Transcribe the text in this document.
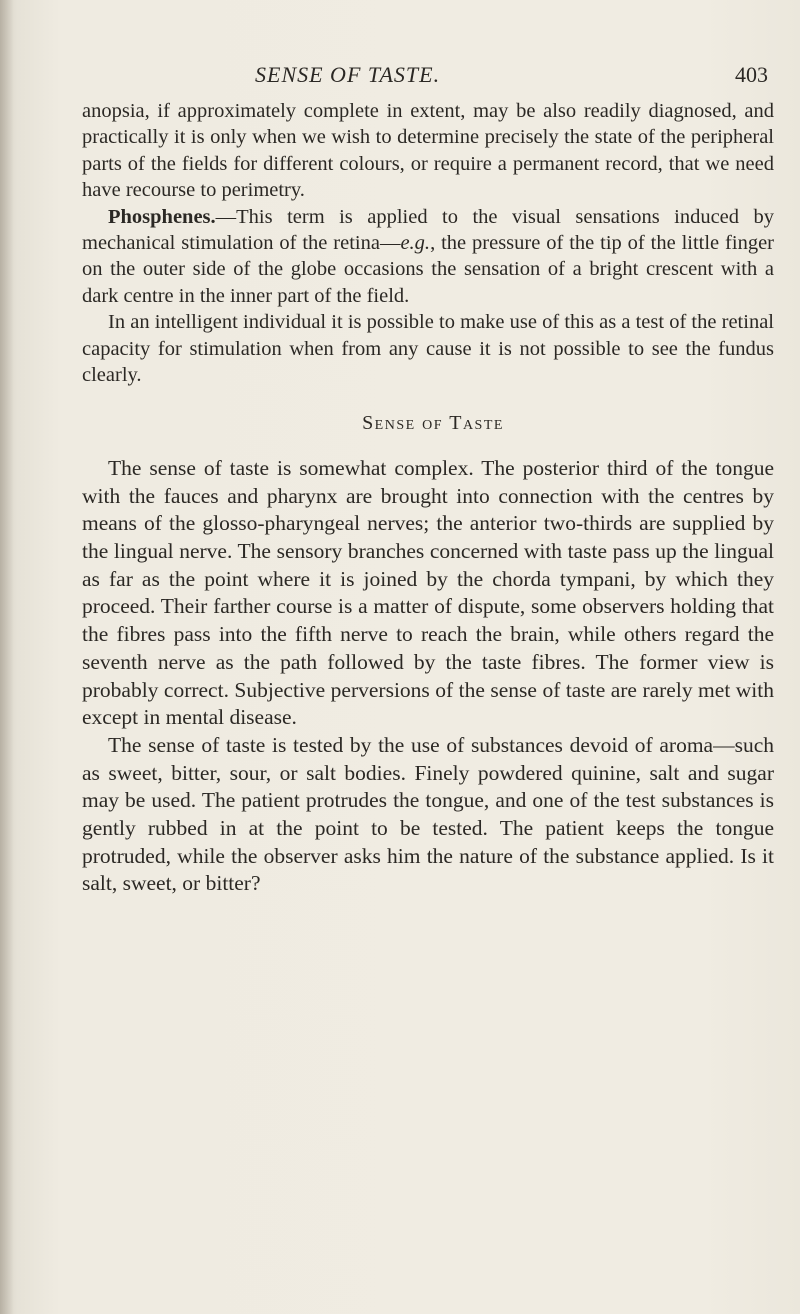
SENSE OF TASTE.	403

anopsia, if approximately complete in extent, may be also readily diagnosed, and practically it is only when we wish to determine precisely the state of the peripheral parts of the fields for different colours, or require a permanent record, that we need have recourse to perimetry.

Phosphenes.—This term is applied to the visual sensations induced by mechanical stimulation of the retina—e.g., the pressure of the tip of the little finger on the outer side of the globe occasions the sensation of a bright crescent with a dark centre in the inner part of the field.

In an intelligent individual it is possible to make use of this as a test of the retinal capacity for stimulation when from any cause it is not possible to see the fundus clearly.

Sense of Taste

The sense of taste is somewhat complex. The posterior third of the tongue with the fauces and pharynx are brought into connection with the centres by means of the glosso-pharyngeal nerves; the anterior two-thirds are supplied by the lingual nerve. The sensory branches concerned with taste pass up the lingual as far as the point where it is joined by the chorda tympani, by which they proceed. Their farther course is a matter of dispute, some observers holding that the fibres pass into the fifth nerve to reach the brain, while others regard the seventh nerve as the path followed by the taste fibres. The former view is probably correct. Subjective perversions of the sense of taste are rarely met with except in mental disease.

The sense of taste is tested by the use of substances devoid of aroma—such as sweet, bitter, sour, or salt bodies. Finely powdered quinine, salt and sugar may be used. The patient protrudes the tongue, and one of the test substances is gently rubbed in at the point to be tested. The patient keeps the tongue protruded, while the observer asks him the nature of the substance applied. Is it salt, sweet, or bitter?
